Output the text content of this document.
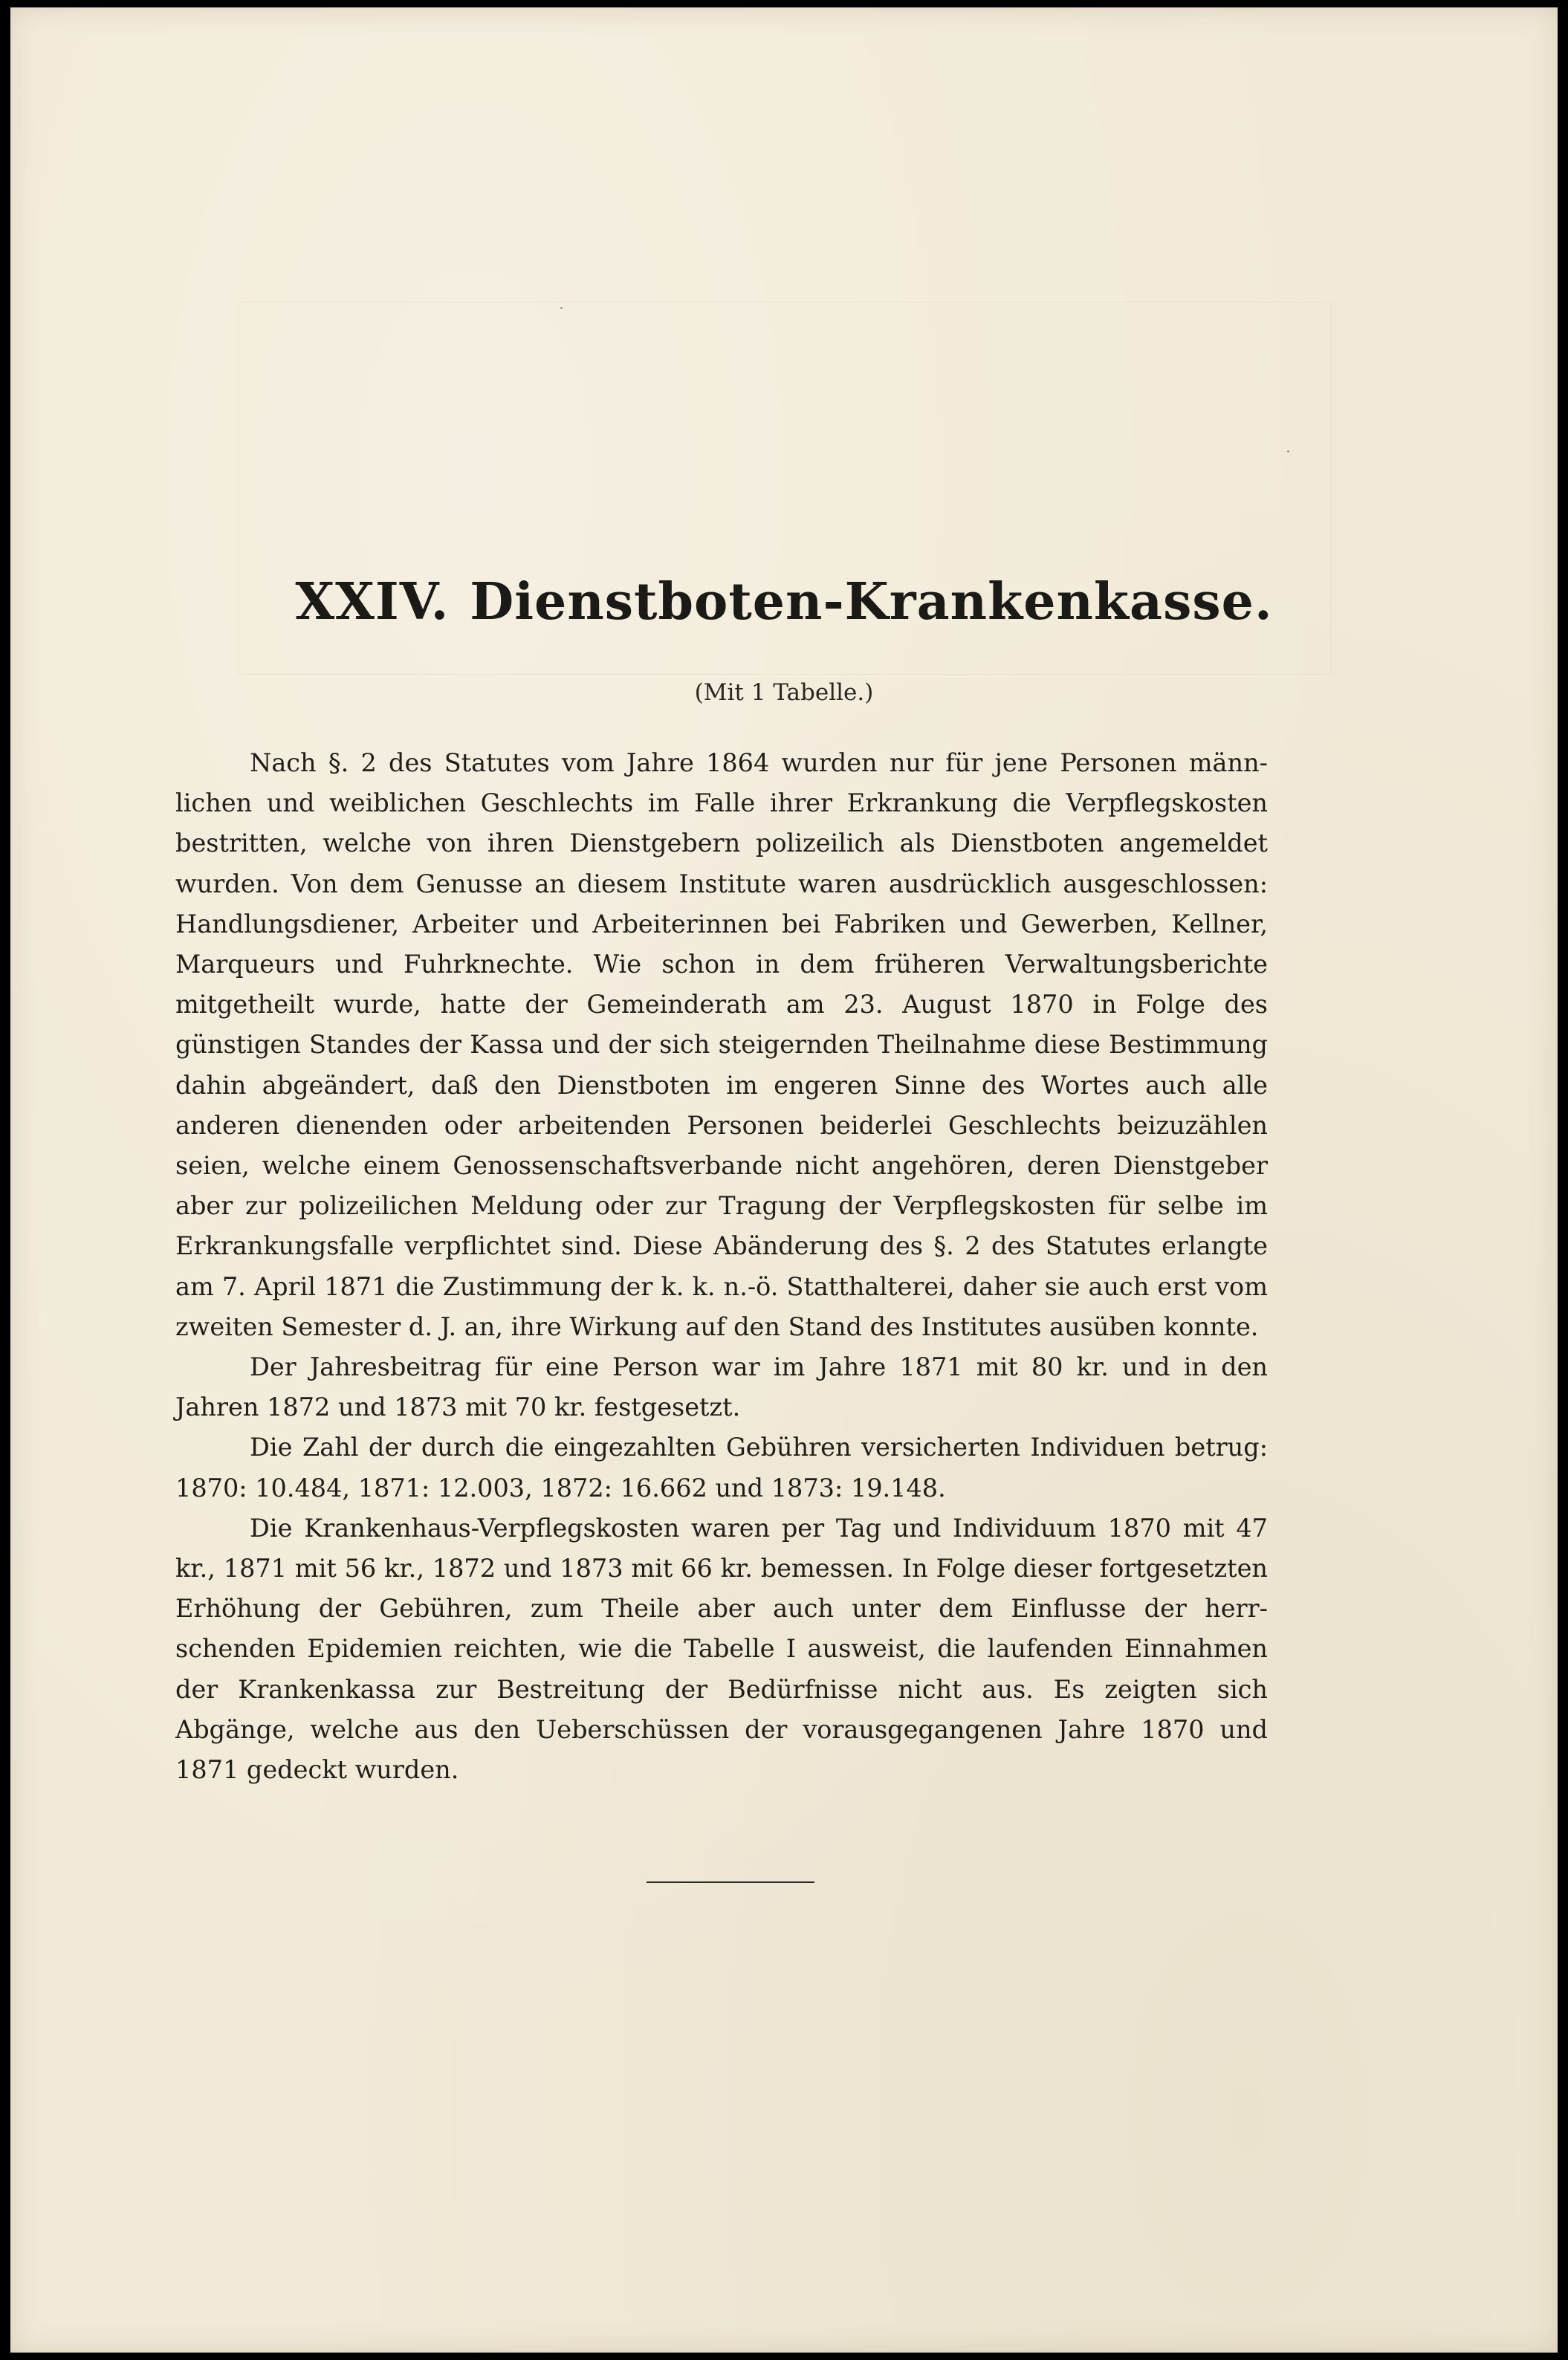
XXIV. Dienstboten-Krankenkasse.
(Mit 1 Tabelle.)

Nach §. 2 des Statutes vom Jahre 1864 wurden nur für jene Personen männlichen und weiblichen Geschlechts im Falle ihrer Erkrankung die Verpflegskosten bestritten, welche von ihren Dienstgebern polizeilich als Dienstboten angemeldet wurden. Von dem Genusse an diesem Institute waren ausdrücklich ausgeschlossen: Handlungsdiener, Arbeiter und Arbeiterinnen bei Fabriken und Gewerben, Kellner, Marqueurs und Fuhrknechte. Wie schon in dem früheren Verwaltungsberichte mitgetheilt wurde, hatte der Gemeinderath am 23. August 1870 in Folge des günstigen Standes der Kassa und der sich steigernden Theilnahme diese Bestimmung dahin abgeändert, daß den Dienstboten im engeren Sinne des Wortes auch alle anderen dienenden oder arbeitenden Personen beiderlei Geschlechts beizuzählen seien, welche einem Genossenschaftsverbande nicht angehören, deren Dienstgeber aber zur polizeilichen Meldung oder zur Tragung der Verpflegskosten für selbe im Erkrankungsfalle verpflichtet sind. Diese Abänderung des §. 2 des Statutes erlangte am 7. April 1871 die Zustimmung der k. k. n.-ö. Statthalterei, daher sie auch erst vom zweiten Semester d. J. an, ihre Wirkung auf den Stand des Institutes ausüben konnte.

Der Jahresbeitrag für eine Person war im Jahre 1871 mit 80 kr. und in den Jahren 1872 und 1873 mit 70 kr. festgesetzt.

Die Zahl der durch die eingezahlten Gebühren versicherten Individuen betrug: 1870: 10.484, 1871: 12.003, 1872: 16.662 und 1873: 19.148.

Die Krankenhaus-Verpflegskosten waren per Tag und Individuum 1870 mit 47 kr., 1871 mit 56 kr., 1872 und 1873 mit 66 kr. bemessen. In Folge dieser fortgesetzten Erhöhung der Gebühren, zum Theile aber auch unter dem Einflusse der herrschenden Epidemien reichten, wie die Tabelle I ausweist, die laufenden Einnahmen der Krankenkassa zur Bestreitung der Bedürfnisse nicht aus. Es zeigten sich Abgänge, welche aus den Ueberschüssen der vorausgegangenen Jahre 1870 und 1871 gedeckt wurden.
